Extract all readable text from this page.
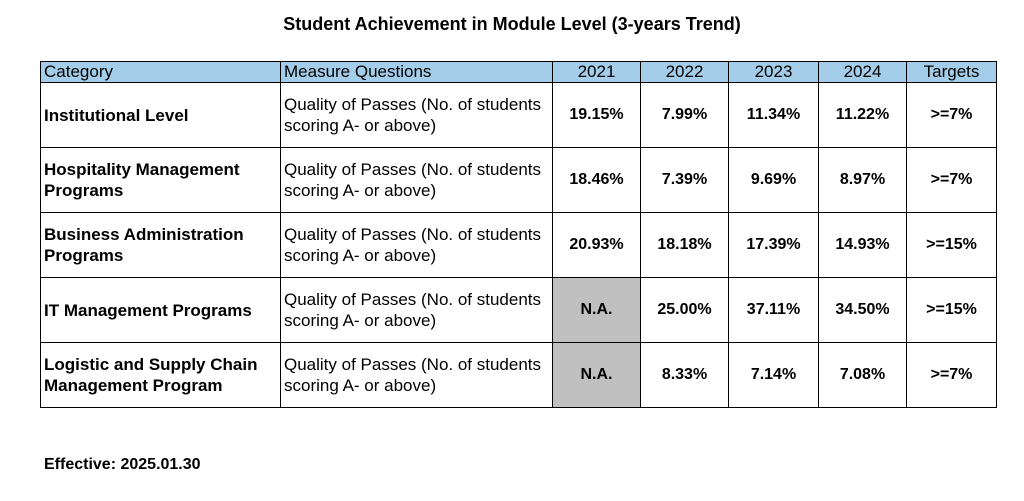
Student Achievement in Module Level (3-years Trend)
Category	Measure Questions	2021	2022	2023	2024	Targets
Institutional Level	Quality of Passes (No. of students scoring A- or above)	19.15%	7.99%	11.34%	11.22%	>=7%
Hospitality Management Programs	Quality of Passes (No. of students scoring A- or above)	18.46%	7.39%	9.69%	8.97%	>=7%
Business Administration Programs	Quality of Passes (No. of students scoring A- or above)	20.93%	18.18%	17.39%	14.93%	>=15%
IT Management Programs	Quality of Passes (No. of students scoring A- or above)	N.A.	25.00%	37.11%	34.50%	>=15%
Logistic and Supply Chain Management Program	Quality of Passes (No. of students scoring A- or above)	N.A.	8.33%	7.14%	7.08%	>=7%
Effective: 2025.01.30
